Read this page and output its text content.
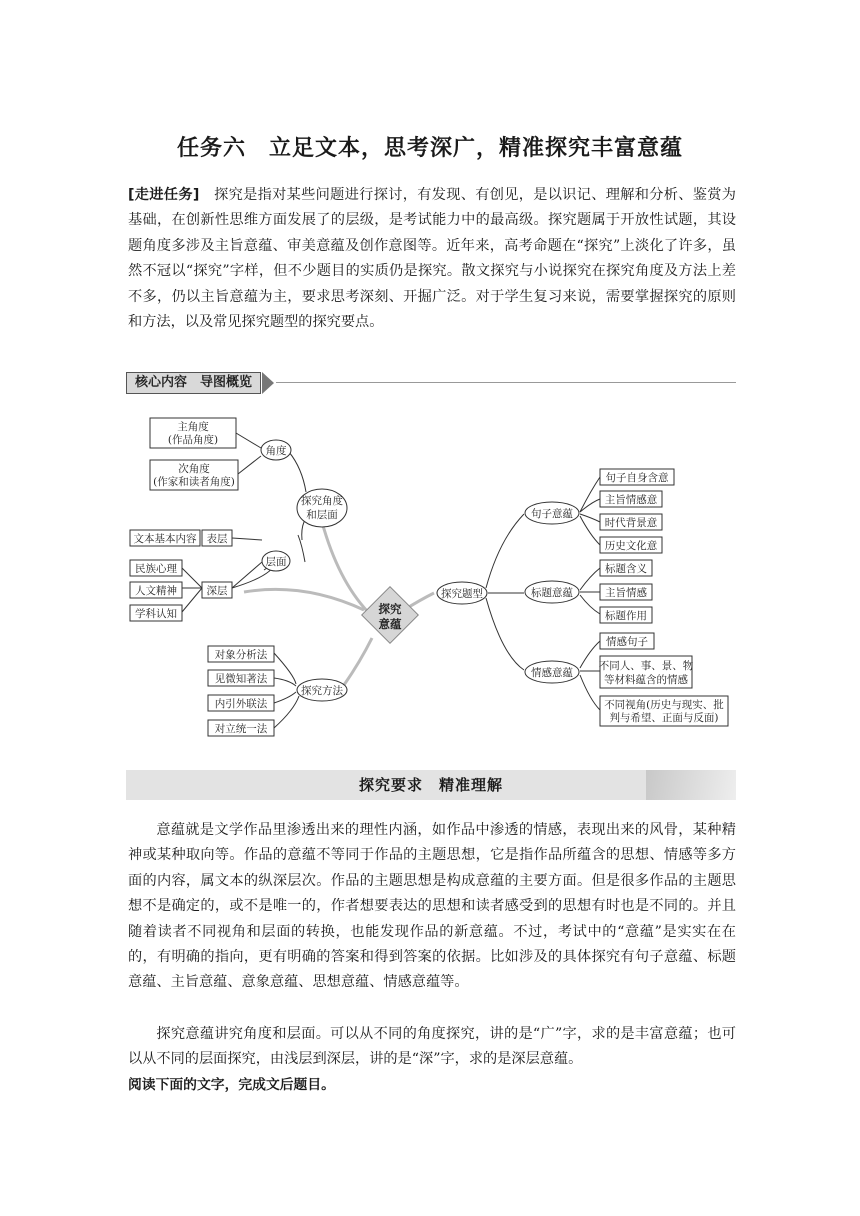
任务六　立足文本，思考深广，精准探究丰富意蕴

[走进任务]　 探究是指对某些问题进行探讨，有发现、有创见，是以识记、理解和分析、鉴赏为基础，在创新性思维方面发展了的层级，是考试能力中的最高级。探究题属于开放性试题，其设题角度多涉及主旨意蕴、审美意蕴及创作意图等。近年来，高考命题在“探究”上淡化了许多，虽然不冠以“探究”字样，但不少题目的实质仍是探究。散文探究与小说探究在探究角度及方法上差不多，仍以主旨意蕴为主，要求思考深刻、开掘广泛。对于学生复习来说，需要掌握探究的原则和方法，以及常见探究题型的探究要点。

核心内容　导图概览
探究
意蕴
主角度
(作品角度)
次角度
(作家和读者角度)
角度
探究角度
和层面
文本基本内容 表层
层面
民族心理
人文精神
学科认知
深层
对象分析法
见微知著法
内引外联法
对立统一法
探究方法
探究题型
句子意蕴
标题意蕴
情感意蕴
句子自身含意
主旨情感意
时代背景意
历史文化意
标题含义
主旨情感
标题作用
情感句子
不同人、事、景、物
等材料蕴含的情感
不同视角(历史与现实、批
判与希望、正面与反面)
探究要求　精准理解

意蕴就是文学作品里渗透出来的理性内涵，如作品中渗透的情感，表现出来的风骨，某种精神或某种取向等。作品的意蕴不等同于作品的主题思想，它是指作品所蕴含的思想、情感等多方面的内容，属文本的纵深层次。作品的主题思想是构成意蕴的主要方面。但是很多作品的主题思想不是确定的，或不是唯一的，作者想要表达的思想和读者感受到的思想有时也是不同的。并且随着读者不同视角和层面的转换，也能发现作品的新意蕴。不过，考试中的“意蕴”是实实在在的，有明确的指向，更有明确的答案和得到答案的依据。比如涉及的具体探究有句子意蕴、标题意蕴、主旨意蕴、意象意蕴、思想意蕴、情感意蕴等。

探究意蕴讲究角度和层面。可以从不同的角度探究，讲的是“广”字，求的是丰富意蕴；也可以从不同的层面探究，由浅层到深层，讲的是“深”字，求的是深层意蕴。

阅读下面的文字，完成文后题目。
